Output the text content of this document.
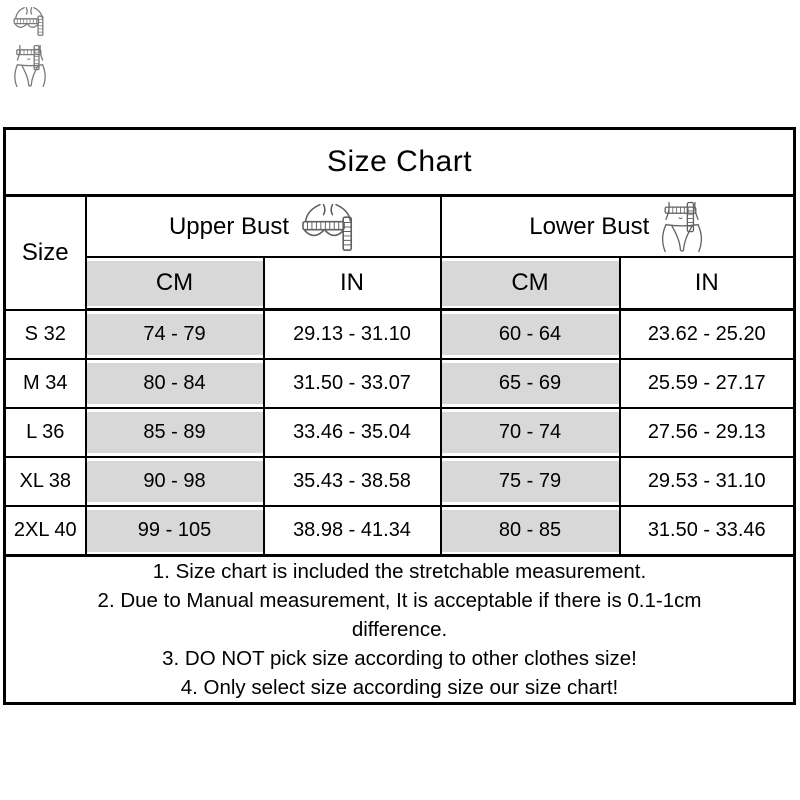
Size Chart				
Size	Upper Bust		Lower Bust	

	CM	IN	CM	IN
S 32	74 - 79	29.13 - 31.10	60 - 64	23.62 - 25.20
M 34	80 - 84	31.50 - 33.07	65 - 69	25.59 - 27.17
L 36	85 - 89	33.46 - 35.04	70 - 74	27.56 - 29.13
XL 38	90 - 98	35.43 - 38.58	75 - 79	29.53 - 31.10
2XL 40	99 - 105	38.98 - 41.34	80 - 85	31.50 - 33.46

1. Size chart is included the stretchable measurement.
2. Due to Manual measurement, It is acceptable if there is 0.1-1cm
difference.
3. DO NOT pick size according to other clothes size!
4. Only select size according size our size chart!				
